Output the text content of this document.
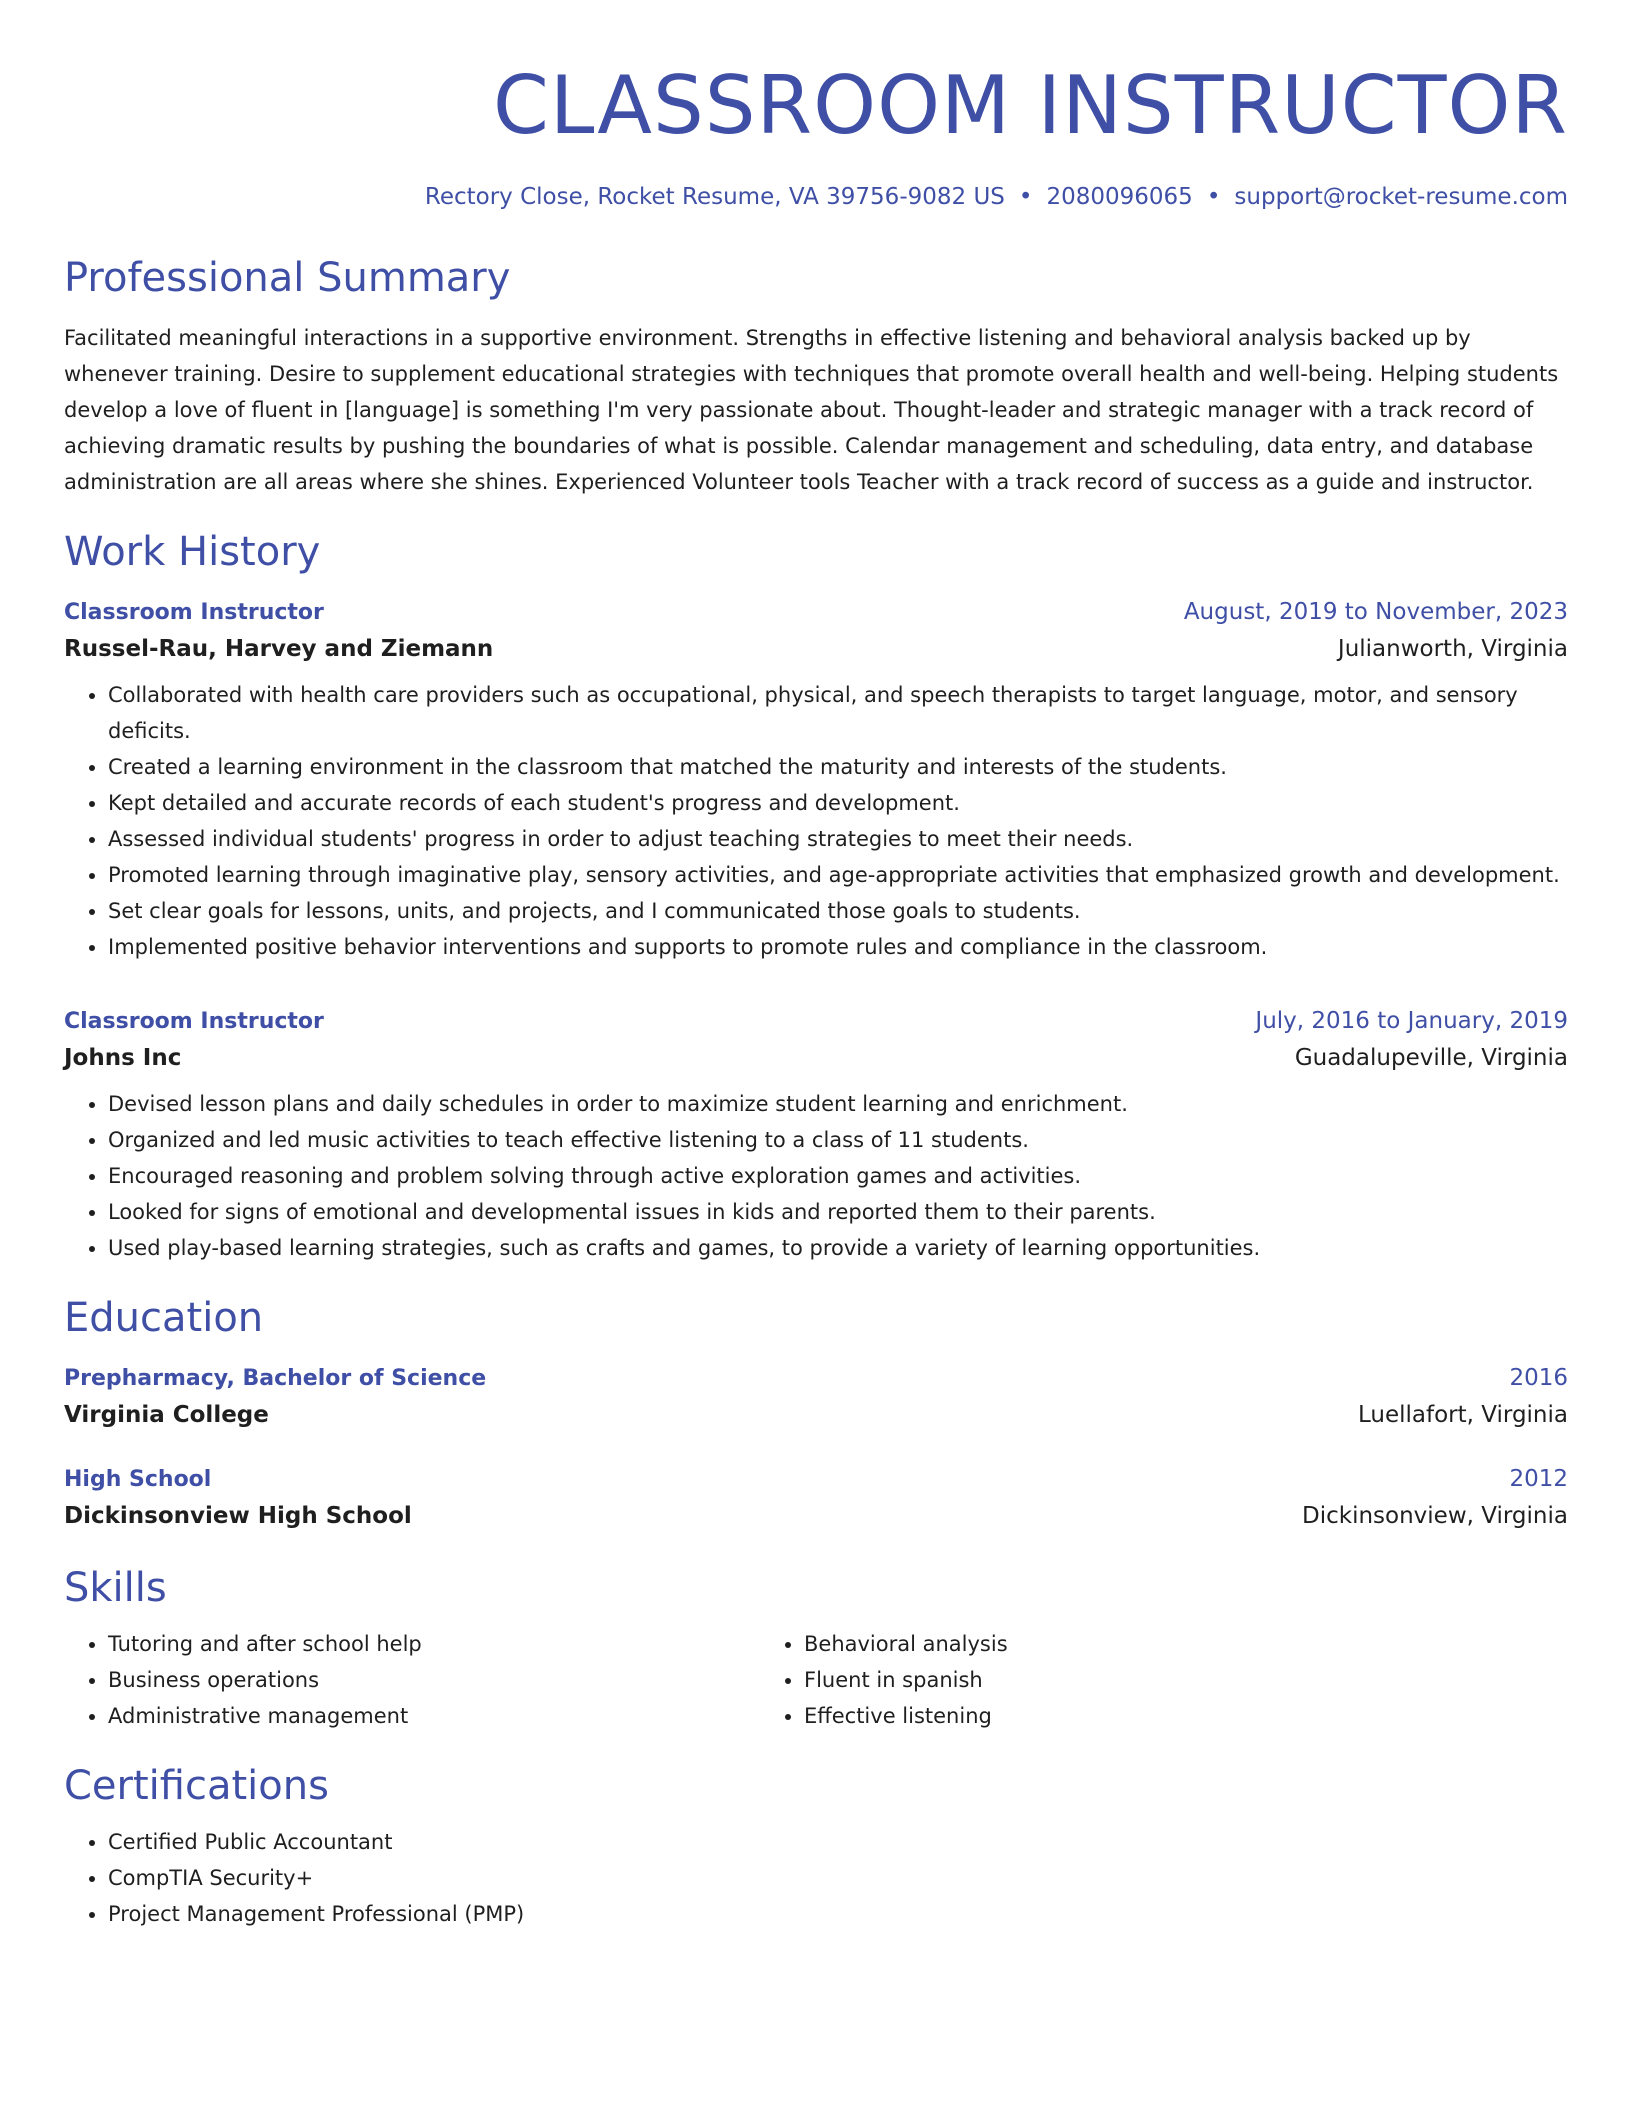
CLASSROOM INSTRUCTOR
Rectory Close, Rocket Resume, VA 39756-9082 US • 2080096065 • support@rocket-resume.com
Professional Summary
Facilitated meaningful interactions in a supportive environment. Strengths in effective listening and behavioral analysis backed up by whenever training. Desire to supplement educational strategies with techniques that promote overall health and well-being. Helping students develop a love of fluent in [language] is something I'm very passionate about. Thought-leader and strategic manager with a track record of achieving dramatic results by pushing the boundaries of what is possible. Calendar management and scheduling, data entry, and database administration are all areas where she shines. Experienced Volunteer tools Teacher with a track record of success as a guide and instructor.
Work History
Classroom Instructor	August, 2019 to November, 2023
Russel-Rau, Harvey and Ziemann	Julianworth, Virginia
• Collaborated with health care providers such as occupational, physical, and speech therapists to target language, motor, and sensory deficits.
• Created a learning environment in the classroom that matched the maturity and interests of the students.
• Kept detailed and accurate records of each student's progress and development.
• Assessed individual students' progress in order to adjust teaching strategies to meet their needs.
• Promoted learning through imaginative play, sensory activities, and age-appropriate activities that emphasized growth and development.
• Set clear goals for lessons, units, and projects, and I communicated those goals to students.
• Implemented positive behavior interventions and supports to promote rules and compliance in the classroom.
Classroom Instructor	July, 2016 to January, 2019
Johns Inc	Guadalupeville, Virginia
• Devised lesson plans and daily schedules in order to maximize student learning and enrichment.
• Organized and led music activities to teach effective listening to a class of 11 students.
• Encouraged reasoning and problem solving through active exploration games and activities.
• Looked for signs of emotional and developmental issues in kids and reported them to their parents.
• Used play-based learning strategies, such as crafts and games, to provide a variety of learning opportunities.
Education
Prepharmacy, Bachelor of Science	2016
Virginia College	Luellafort, Virginia
High School	2012
Dickinsonview High School	Dickinsonview, Virginia
Skills
• Tutoring and after school help
• Business operations
• Administrative management
• Behavioral analysis
• Fluent in spanish
• Effective listening
Certifications
• Certified Public Accountant
• CompTIA Security+
• Project Management Professional (PMP)
